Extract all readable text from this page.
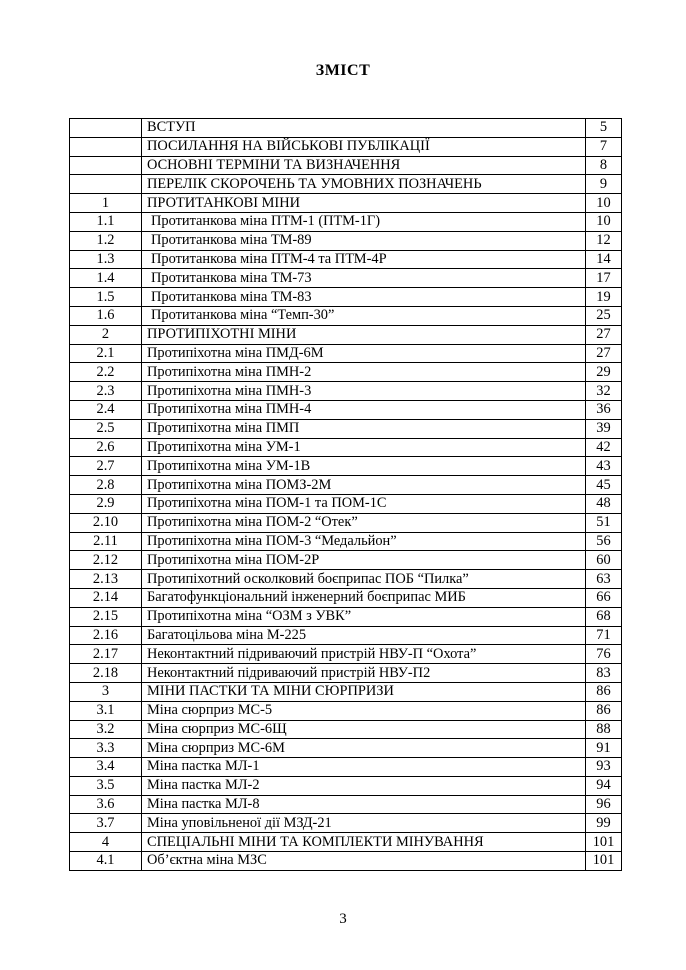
ЗМІСТ
	ВСТУП	5
	ПОСИЛАННЯ НА ВІЙСЬКОВІ ПУБЛІКАЦІЇ	7
	ОСНОВНІ ТЕРМІНИ ТА ВИЗНАЧЕННЯ	8
	ПЕРЕЛІК СКОРОЧЕНЬ ТА УМОВНИХ ПОЗНАЧЕНЬ	9
1	ПРОТИТАНКОВІ МІНИ	10
1.1	Протитанкова міна ПТМ-1 (ПТМ-1Г)	10
1.2	Протитанкова міна ТМ-89	12
1.3	Протитанкова міна ПТМ-4 та ПТМ-4Р	14
1.4	Протитанкова міна ТМ-73	17
1.5	Протитанкова міна ТМ-83	19
1.6	Протитанкова міна “Темп-30”	25
2	ПРОТИПІХОТНІ МІНИ	27
2.1	Протипіхотна міна ПМД-6М	27
2.2	Протипіхотна міна ПМН-2	29
2.3	Протипіхотна міна ПМН-3	32
2.4	Протипіхотна міна ПМН-4	36
2.5	Протипіхотна міна ПМП	39
2.6	Протипіхотна міна УМ-1	42
2.7	Протипіхотна міна УМ-1В	43
2.8	Протипіхотна міна ПОМЗ-2М	45
2.9	Протипіхотна міна ПОМ-1 та ПОМ-1С	48
2.10	Протипіхотна міна ПОМ-2 “Отек”	51
2.11	Протипіхотна міна ПОМ-3 “Медальйон”	56
2.12	Протипіхотна міна ПОМ-2Р	60
2.13	Протипіхотний осколковий боєприпас ПОБ “Пилка”	63
2.14	Багатофункціональний інженерний боєприпас МИБ	66
2.15	Протипіхотна міна “ОЗМ з УВК”	68
2.16	Багатоцільова міна М-225	71
2.17	Неконтактний підриваючий пристрій НВУ-П “Охота”	76
2.18	Неконтактний підриваючий пристрій НВУ-П2	83
3	МІНИ ПАСТКИ ТА МІНИ СЮРПРИЗИ	86
3.1	Міна сюрприз МС-5	86
3.2	Міна сюрприз МС-6Щ	88
3.3	Міна сюрприз МС-6М	91
3.4	Міна пастка МЛ-1	93
3.5	Міна пастка МЛ-2	94
3.6	Міна пастка МЛ-8	96
3.7	Міна уповільненої дії МЗД-21	99
4	СПЕЦІАЛЬНІ МІНИ ТА КОМПЛЕКТИ МІНУВАННЯ	101
4.1	Об’єктна міна МЗС	101
3
